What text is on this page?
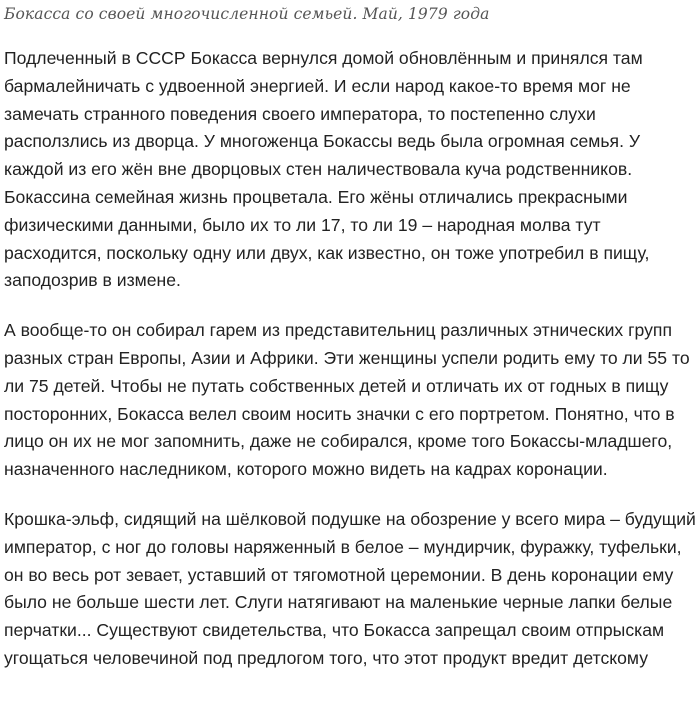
Бокасса со своей многочисленной семьей. Май, 1979 года

Подлеченный в СССР Бокасса вернулся домой обновлённым и принялся там бармалейничать с удвоенной энергией. И если народ какое-то время мог не замечать странного поведения своего императора, то постепенно слухи расползлись из дворца. У многоженца Бокассы ведь была огромная семья. У каждой из его жён вне дворцовых стен наличествовала куча родственников. Бокассина семейная жизнь процветала. Его жёны отличались прекрасными физическими данными, было их то ли 17, то ли 19 – народная молва тут расходится, поскольку одну или двух, как известно, он тоже употребил в пищу, заподозрив в измене.

А вообще-то он собирал гарем из представительниц различных этнических групп разных стран Европы, Азии и Африки. Эти женщины успели родить ему то ли 55 то ли 75 детей. Чтобы не путать собственных детей и отличать их от годных в пищу посторонних, Бокасса велел своим носить значки с его портретом. Понятно, что в лицо он их не мог запомнить, даже не собирался, кроме того Бокассы-младшего, назначенного наследником, которого можно видеть на кадрах коронации.

Крошка-эльф, сидящий на шёлковой подушке на обозрение у всего мира – будущий император, с ног до головы наряженный в белое – мундирчик, фуражку, туфельки, он во весь рот зевает, уставший от тягомотной церемонии. В день коронации ему было не больше шести лет. Слуги натягивают на маленькие черные лапки белые перчатки... Существуют свидетельства, что Бокасса запрещал своим отпрыскам угощаться человечиной под предлогом того, что этот продукт вредит детскому
